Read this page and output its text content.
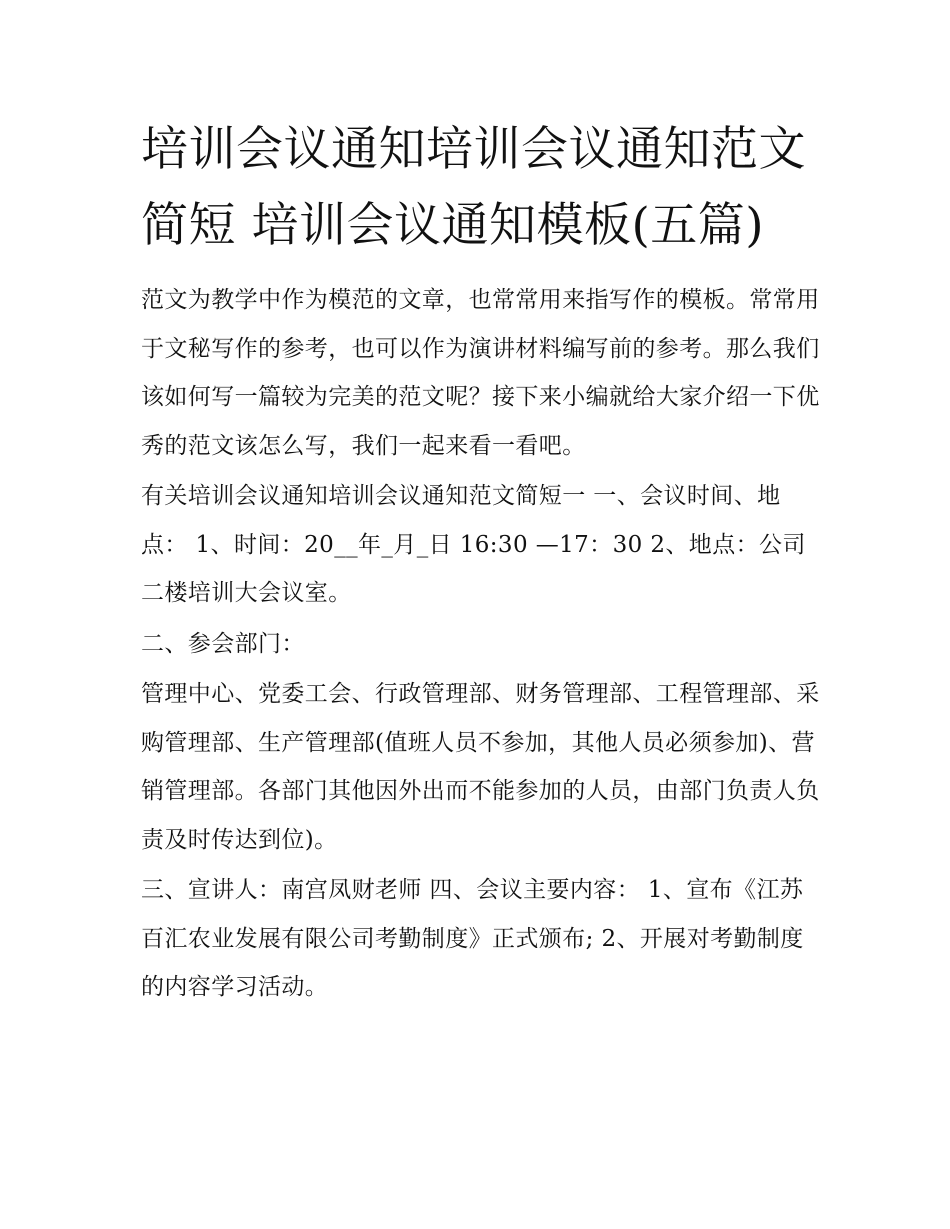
培训会议通知培训会议通知范文简短 培训会议通知模板(五篇)

范文为教学中作为模范的文章，也常常用来指写作的模板。常常用于文秘写作的参考，也可以作为演讲材料编写前的参考。那么我们该如何写一篇较为完美的范文呢？接下来小编就给大家介绍一下优秀的范文该怎么写，我们一起来看一看吧。

有关培训会议通知培训会议通知范文简短一 一、会议时间、地点： 1、时间：20__年_月_日 16:30 —17：30 2、地点：公司二楼培训大会议室。

二、参会部门：

管理中心、党委工会、行政管理部、财务管理部、工程管理部、采购管理部、生产管理部(值班人员不参加，其他人员必须参加)、营销管理部。各部门其他因外出而不能参加的人员，由部门负责人负责及时传达到位)。

三、宣讲人：南宫凤财老师 四、会议主要内容： 1、宣布《江苏百汇农业发展有限公司考勤制度》正式颁布; 2、开展对考勤制度的内容学习活动。
